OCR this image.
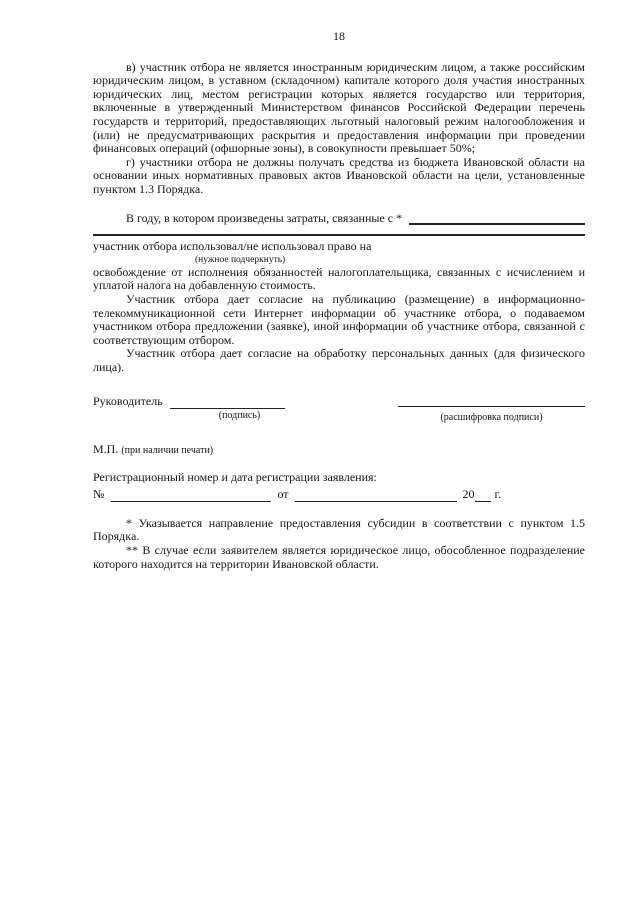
18

в) участник отбора не является иностранным юридическим лицом, а также российским юридическим лицом, в уставном (складочном) капитале которого доля участия иностранных юридических лиц, местом регистрации которых является государство или территория, включенные в утвержденный Министерством финансов Российской Федерации перечень государств и территорий, предоставляющих льготный налоговый режим налогообложения и (или) не предусматривающих раскрытия и предоставления информации при проведении финансовых операций (офшорные зоны), в совокупности превышает 50%;

г) участники отбора не должны получать средства из бюджета Ивановской области на основании иных нормативных правовых актов Ивановской области на цели, установленные пунктом 1.3 Порядка.

В году, в котором произведены затраты, связанные с *
участник отбора использовал/не использовал право на
(нужное подчеркнуть)

освобождение от исполнения обязанностей налогоплательщика, связанных с исчислением и уплатой налога на добавленную стоимость.

Участник отбора дает согласие на публикацию (размещение) в информационно-телекоммуникационной сети Интернет информации об участнике отбора, о подаваемом участником отбора предложении (заявке), иной информации об участнике отбора, связанной с соответствующим отбором.

Участник отбора дает согласие на обработку персональных данных (для физического лица).

Руководитель
(подпись)	(расшифровка подписи)
М.П. (при наличии печати)
Регистрационный номер и дата регистрации заявления:
№	от	20 г.

* Указывается направление предоставления субсидии в соответствии с пунктом 1.5 Порядка.

** В случае если заявителем является юридическое лицо, обособленное подразделение которого находится на территории Ивановской области.
